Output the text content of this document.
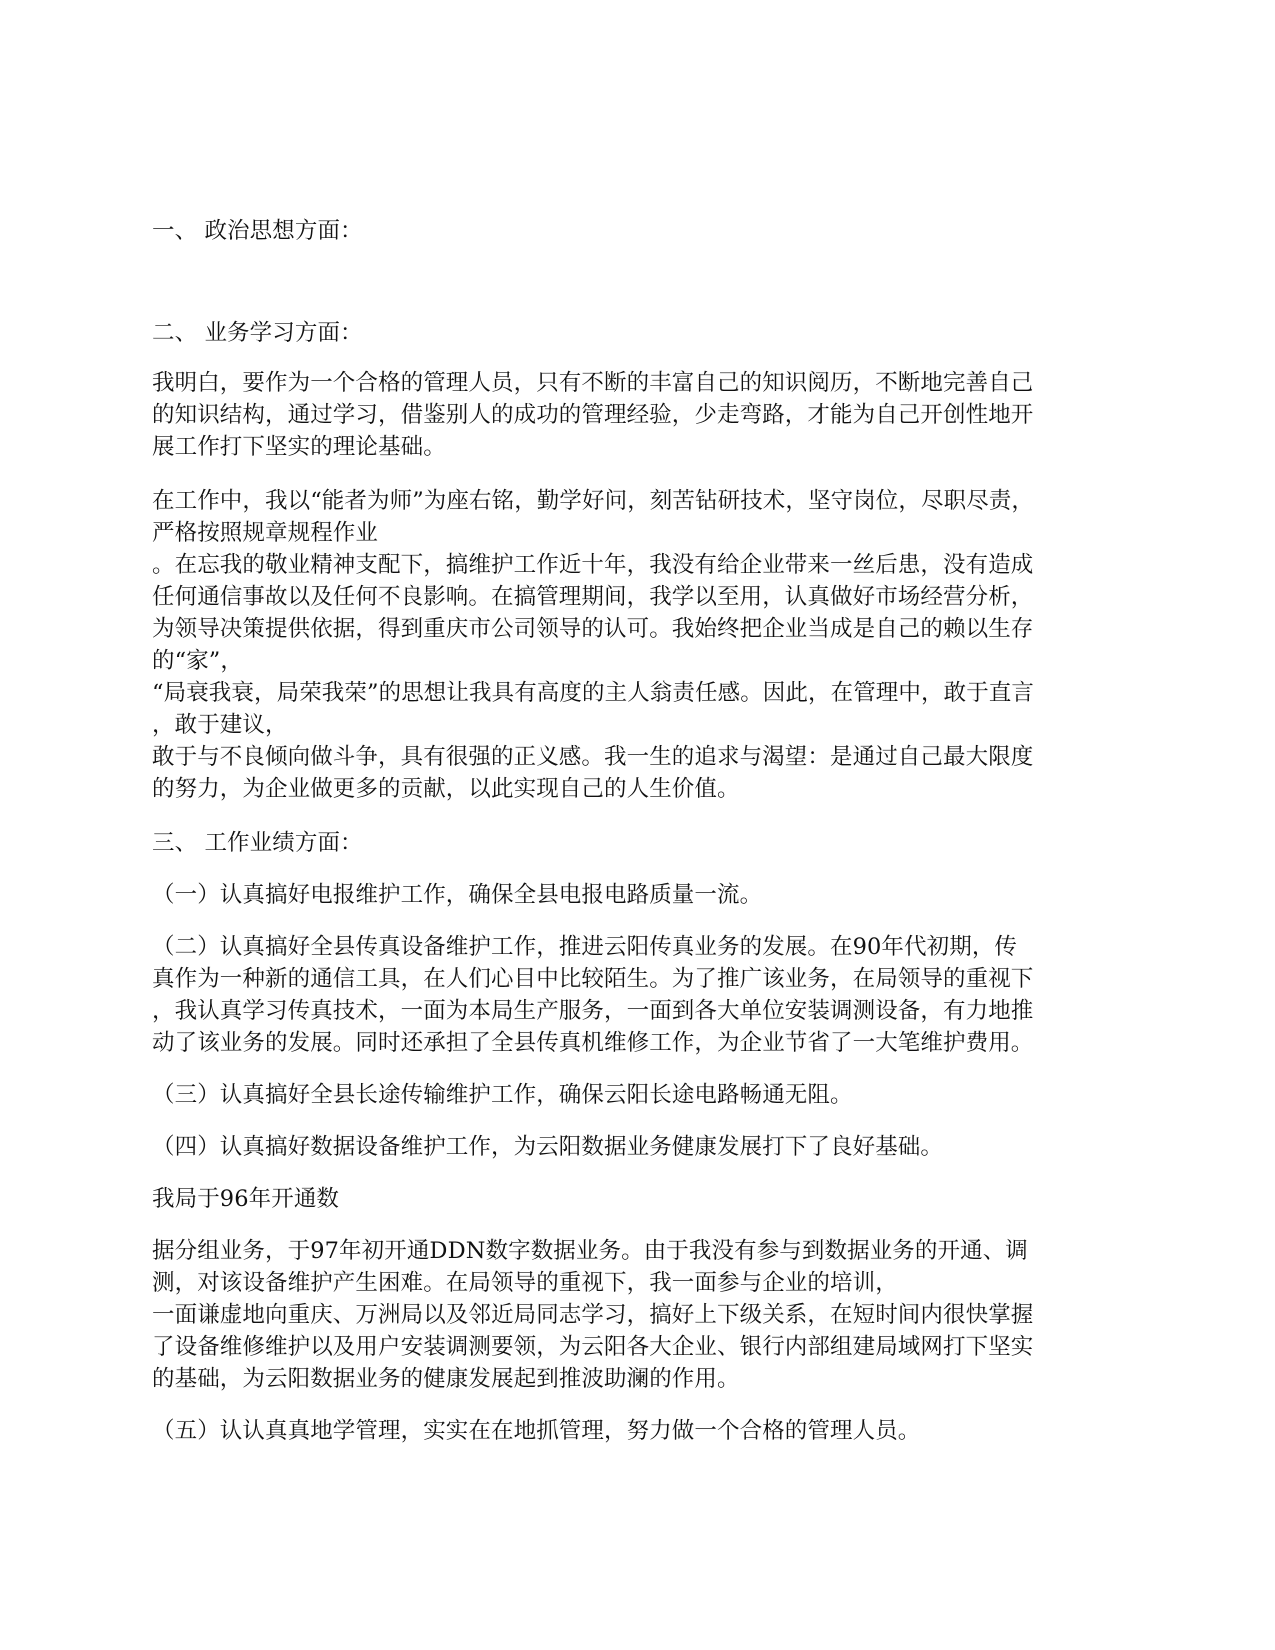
一、 政治思想方面：
二、 业务学习方面：
我明白，要作为一个合格的管理人员，只有不断的丰富自己的知识阅历，不断地完善自己
的知识结构，通过学习，借鉴别人的成功的管理经验，少走弯路，才能为自己开创性地开
展工作打下坚实的理论基础。
在工作中，我以“能者为师”为座右铭，勤学好问，刻苦钻研技术，坚守岗位，尽职尽责，
严格按照规章规程作业
。在忘我的敬业精神支配下，搞维护工作近十年，我没有给企业带来一丝后患，没有造成
任何通信事故以及任何不良影响。在搞管理期间，我学以至用，认真做好市场经营分析，
为领导决策提供依据，得到重庆市公司领导的认可。我始终把企业当成是自己的赖以生存
的“家”，
“局衰我衰，局荣我荣”的思想让我具有高度的主人翁责任感。因此，在管理中，敢于直言
，敢于建议，
敢于与不良倾向做斗争，具有很强的正义感。我一生的追求与渴望：是通过自己最大限度
的努力，为企业做更多的贡献，以此实现自己的人生价值。
三、 工作业绩方面：
（一）认真搞好电报维护工作，确保全县电报电路质量一流。
（二）认真搞好全县传真设备维护工作，推进云阳传真业务的发展。在90年代初期，传
真作为一种新的通信工具，在人们心目中比较陌生。为了推广该业务，在局领导的重视下
，我认真学习传真技术，一面为本局生产服务，一面到各大单位安装调测设备，有力地推
动了该业务的发展。同时还承担了全县传真机维修工作，为企业节省了一大笔维护费用。
（三）认真搞好全县长途传输维护工作，确保云阳长途电路畅通无阻。
（四）认真搞好数据设备维护工作，为云阳数据业务健康发展打下了良好基础。
我局于96年开通数
据分组业务，于97年初开通DDN数字数据业务。由于我没有参与到数据业务的开通、调
测，对该设备维护产生困难。在局领导的重视下，我一面参与企业的培训，
一面谦虚地向重庆、万洲局以及邻近局同志学习，搞好上下级关系，在短时间内很快掌握
了设备维修维护以及用户安装调测要领，为云阳各大企业、银行内部组建局域网打下坚实
的基础，为云阳数据业务的健康发展起到推波助澜的作用。
（五）认认真真地学管理，实实在在地抓管理，努力做一个合格的管理人员。
